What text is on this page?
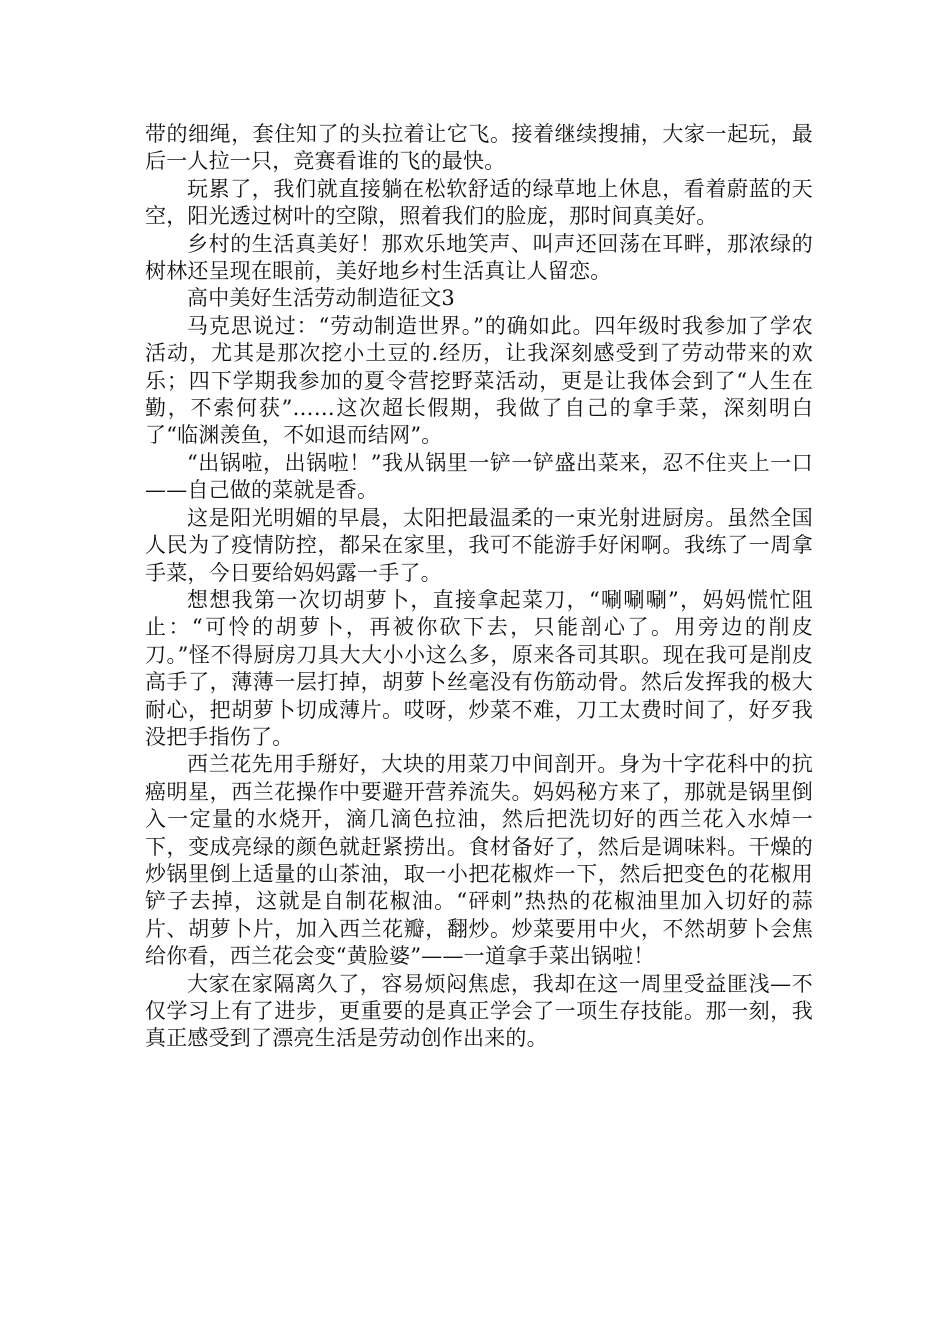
带的细绳，套住知了的头拉着让它飞。接着继续搜捕，大家一起玩，最后一人拉一只，竞赛看谁的飞的最快。

玩累了，我们就直接躺在松软舒适的绿草地上休息，看着蔚蓝的天空，阳光透过树叶的空隙，照着我们的脸庞，那时间真美好。

乡村的生活真美好！那欢乐地笑声、叫声还回荡在耳畔，那浓绿的树林还呈现在眼前，美好地乡村生活真让人留恋。

高中美好生活劳动制造征文3

马克思说过：“劳动制造世界。”的确如此。四年级时我参加了学农活动，尤其是那次挖小土豆的.经历，让我深刻感受到了劳动带来的欢乐；四下学期我参加的夏令营挖野菜活动，更是让我体会到了“人生在勤，不索何获”……这次超长假期，我做了自己的拿手菜，深刻明白了“临渊羡鱼，不如退而结网”。

“出锅啦，出锅啦！”我从锅里一铲一铲盛出菜来，忍不住夹上一口——自己做的菜就是香。

这是阳光明媚的早晨，太阳把最温柔的一束光射进厨房。虽然全国人民为了疫情防控，都呆在家里，我可不能游手好闲啊。我练了一周拿手菜，今日要给妈妈露一手了。

想想我第一次切胡萝卜，直接拿起菜刀，“唰唰唰”，妈妈慌忙阻止：“可怜的胡萝卜，再被你砍下去，只能剖心了。用旁边的削皮刀。”怪不得厨房刀具大大小小这么多，原来各司其职。现在我可是削皮高手了，薄薄一层打掉，胡萝卜丝毫没有伤筋动骨。然后发挥我的极大耐心，把胡萝卜切成薄片。哎呀，炒菜不难，刀工太费时间了，好歹我没把手指伤了。

西兰花先用手掰好，大块的用菜刀中间剖开。身为十字花科中的抗癌明星，西兰花操作中要避开营养流失。妈妈秘方来了，那就是锅里倒入一定量的水烧开，滴几滴色拉油，然后把洗切好的西兰花入水焯一下，变成亮绿的颜色就赶紧捞出。食材备好了，然后是调味料。干燥的炒锅里倒上适量的山茶油，取一小把花椒炸一下，然后把变色的花椒用铲子去掉，这就是自制花椒油。“砰刺”热热的花椒油里加入切好的蒜片、胡萝卜片，加入西兰花瓣，翻炒。炒菜要用中火，不然胡萝卜会焦给你看，西兰花会变“黄脸婆”——一道拿手菜出锅啦！

大家在家隔离久了，容易烦闷焦虑，我却在这一周里受益匪浅—不仅学习上有了进步，更重要的是真正学会了一项生存技能。那一刻，我真正感受到了漂亮生活是劳动创作出来的。
